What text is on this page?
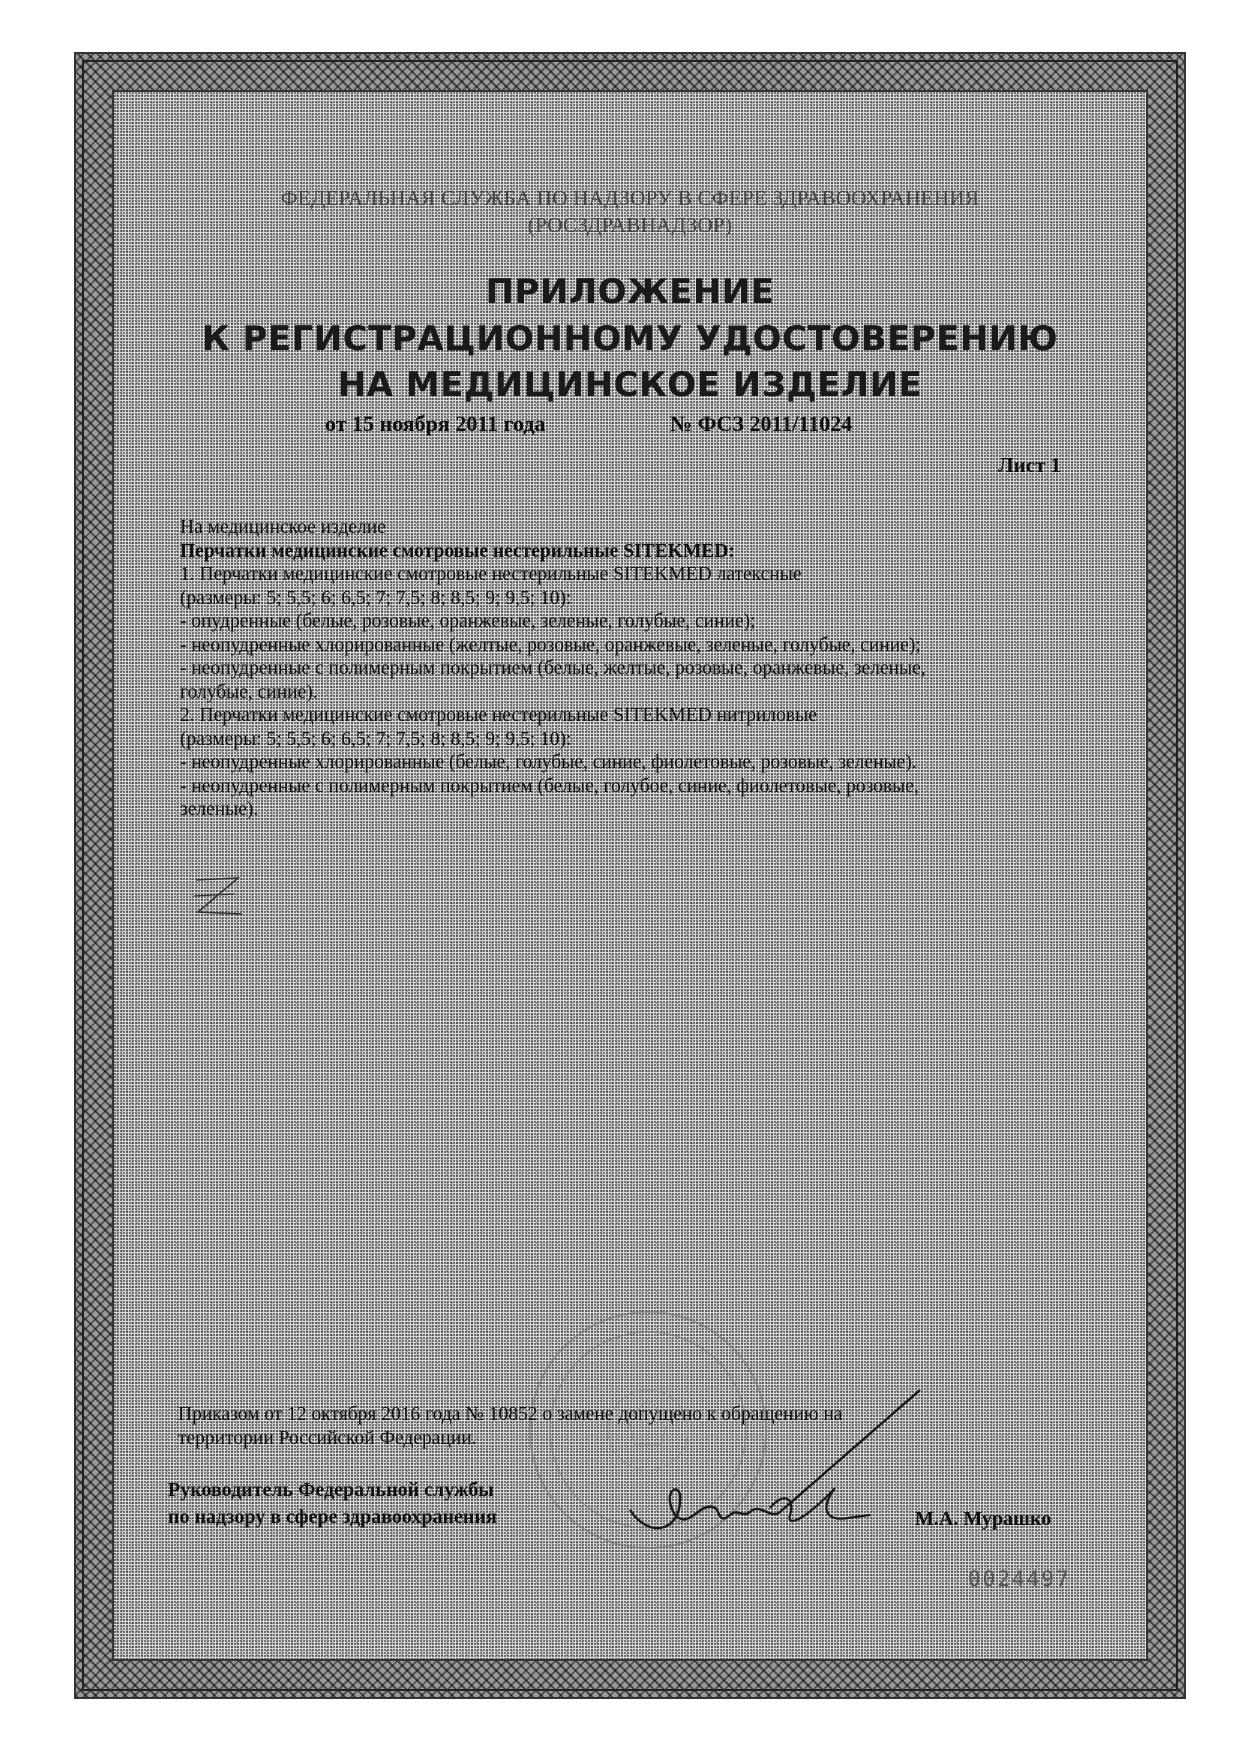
ФЕДЕРАЛЬНАЯ СЛУЖБА ПО НАДЗОРУ В СФЕРЕ ЗДРАВООХРАНЕНИЯ
(РОСЗДРАВНАДЗОР)
ПРИЛОЖЕНИЕ
К РЕГИСТРАЦИОННОМУ УДОСТОВЕРЕНИЮ
НА МЕДИЦИНСКОЕ ИЗДЕЛИЕ
от 15 ноября 2011 года	№ ФСЗ 2011/11024
Лист 1
На медицинское изделие
Перчатки медицинские смотровые нестерильные SITEKMED:
1. Перчатки медицинские смотровые нестерильные SITEKMED латексные
(размеры: 5; 5,5; 6; 6,5; 7; 7,5; 8; 8,5; 9; 9,5; 10):
- опудренные (белые, розовые, оранжевые, зеленые, голубые, синие);
- неопудренные хлорированные (желтые, розовые, оранжевые, зеленые, голубые, синие);
- неопудренные с полимерным покрытием (белые, желтые, розовые, оранжевые, зеленые,
голубые, синие).
2. Перчатки медицинские смотровые нестерильные SITEKMED нитриловые
(размеры: 5; 5,5; 6; 6,5; 7; 7,5; 8; 8,5; 9; 9,5; 10):
- неопудренные хлорированные (белые, голубые, синие, фиолетовые, розовые, зеленые).
- неопудренные с полимерным покрытием (белые, голубое, синие, фиолетовые, розовые,
зеленые).
Приказом от 12 октября 2016 года № 10852 о замене допущено к обращению на
территории Российской Федерации.
Руководитель Федеральной службы
по надзору в сфере здравоохранения	М.А. Мурашко
0024497
